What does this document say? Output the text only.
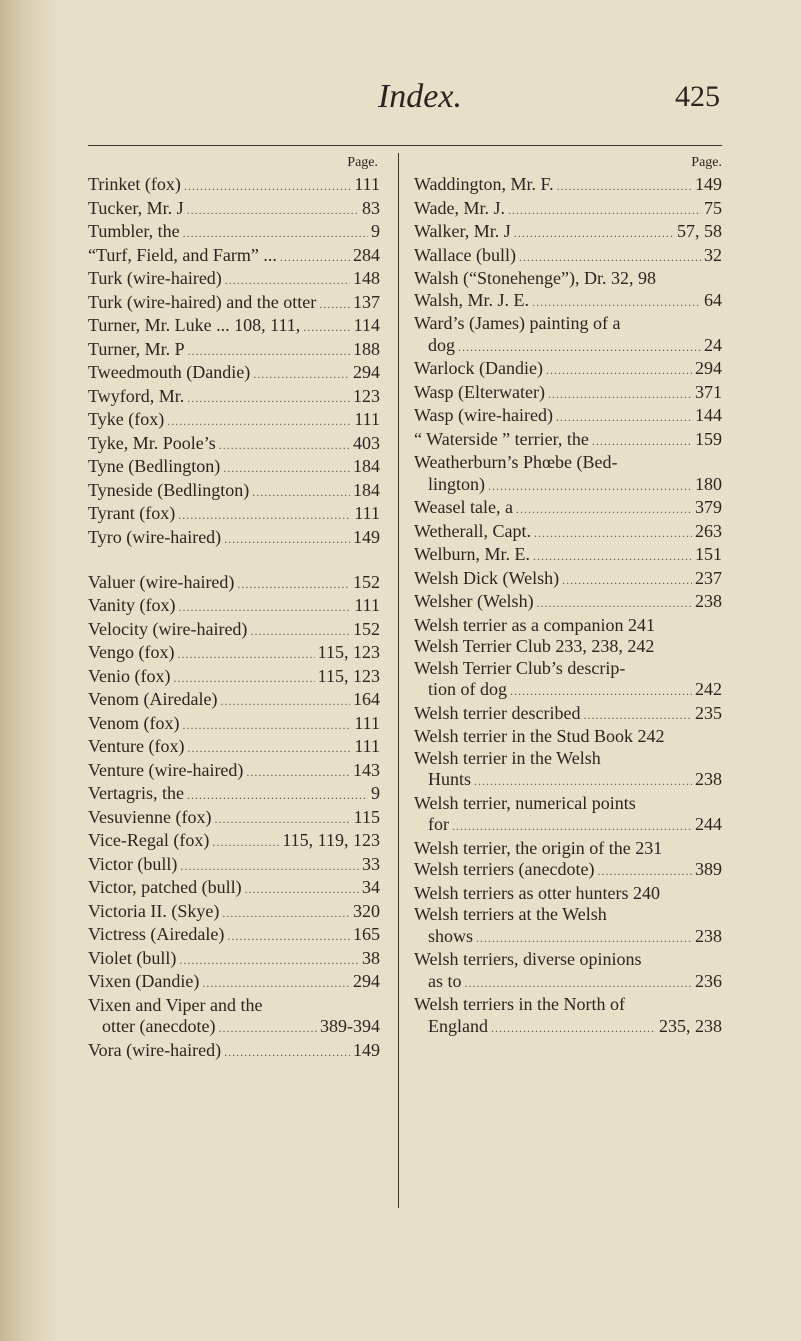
Index.	425
Page.
Trinket (fox) .....	111
Tucker, Mr. J .....	83
Tumbler, the .....	9
“Turf, Field, and Farm” ... .....	284
Turk (wire-haired) .....	148
Turk (wire-haired) and the otter ..... 137
Turner, Mr. Luke ... 108, 111, .....	114
Turner, Mr. P .....	188
Tweedmouth (Dandie) .....	294
Twyford, Mr. .....	123
Tyke (fox) .....	111
Tyke, Mr. Poole’s .....	403
Tyne (Bedlington) .....	184
Tyneside (Bedlington) .....	184
Tyrant (fox) .....	111
Tyro (wire-haired) .....	149
Valuer (wire-haired) .....	152
Vanity (fox) .....	111
Velocity (wire-haired) .....	152
Vengo (fox) .....	115, 123
Venio (fox) .....	115, 123
Venom (Airedale) .....	164
Venom (fox) .....	111
Venture (fox) .....	111
Venture (wire-haired) .....	143
Vertagris, the .....	9
Vesuvienne (fox) .....	115
Vice-Regal (fox) .....	115, 119, 123
Victor (bull) .....	33
Victor, patched (bull) .....	34
Victoria II. (Skye) .....	320
Victress (Airedale) .....	165
Violet (bull) .....	38
Vixen (Dandie) .....	294
Vixen and Viper and the
otter (anecdote) .....	389-394
Vora (wire-haired) .....	149
Page.
Waddington, Mr. F. .....	149
Wade, Mr. J. .....	75
Walker, Mr. J .....	57, 58
Wallace (bull) .....	32
Walsh (“Stonehenge”), Dr. 32, 98
Walsh, Mr. J. E. .....	64
Ward’s (James) painting of a
dog .....	24
Warlock (Dandie) .....	294
Wasp (Elterwater) .....	371
Wasp (wire-haired) .....	144
“ Waterside ” terrier, the .....	159
Weatherburn’s Phœbe (Bed-
lington) .....	180
Weasel tale, a .....	379
Wetherall, Capt. .....	263
Welburn, Mr. E. .....	151
Welsh Dick (Welsh) .....	237
Welsher (Welsh) .....	238
Welsh terrier as a companion 241
Welsh Terrier Club 233, 238, 242
Welsh Terrier Club’s descrip-
tion of dog .....	242
Welsh terrier described .....	235
Welsh terrier in the Stud Book 242
Welsh terrier in the Welsh
Hunts .....	238
Welsh terrier, numerical points
for .....	244
Welsh terrier, the origin of the 231
Welsh terriers (anecdote) .....	389
Welsh terriers as otter hunters 240
Welsh terriers at the Welsh
shows .....	238
Welsh terriers, diverse opinions
as to .....	236
Welsh terriers in the North of
England .....	235, 238
